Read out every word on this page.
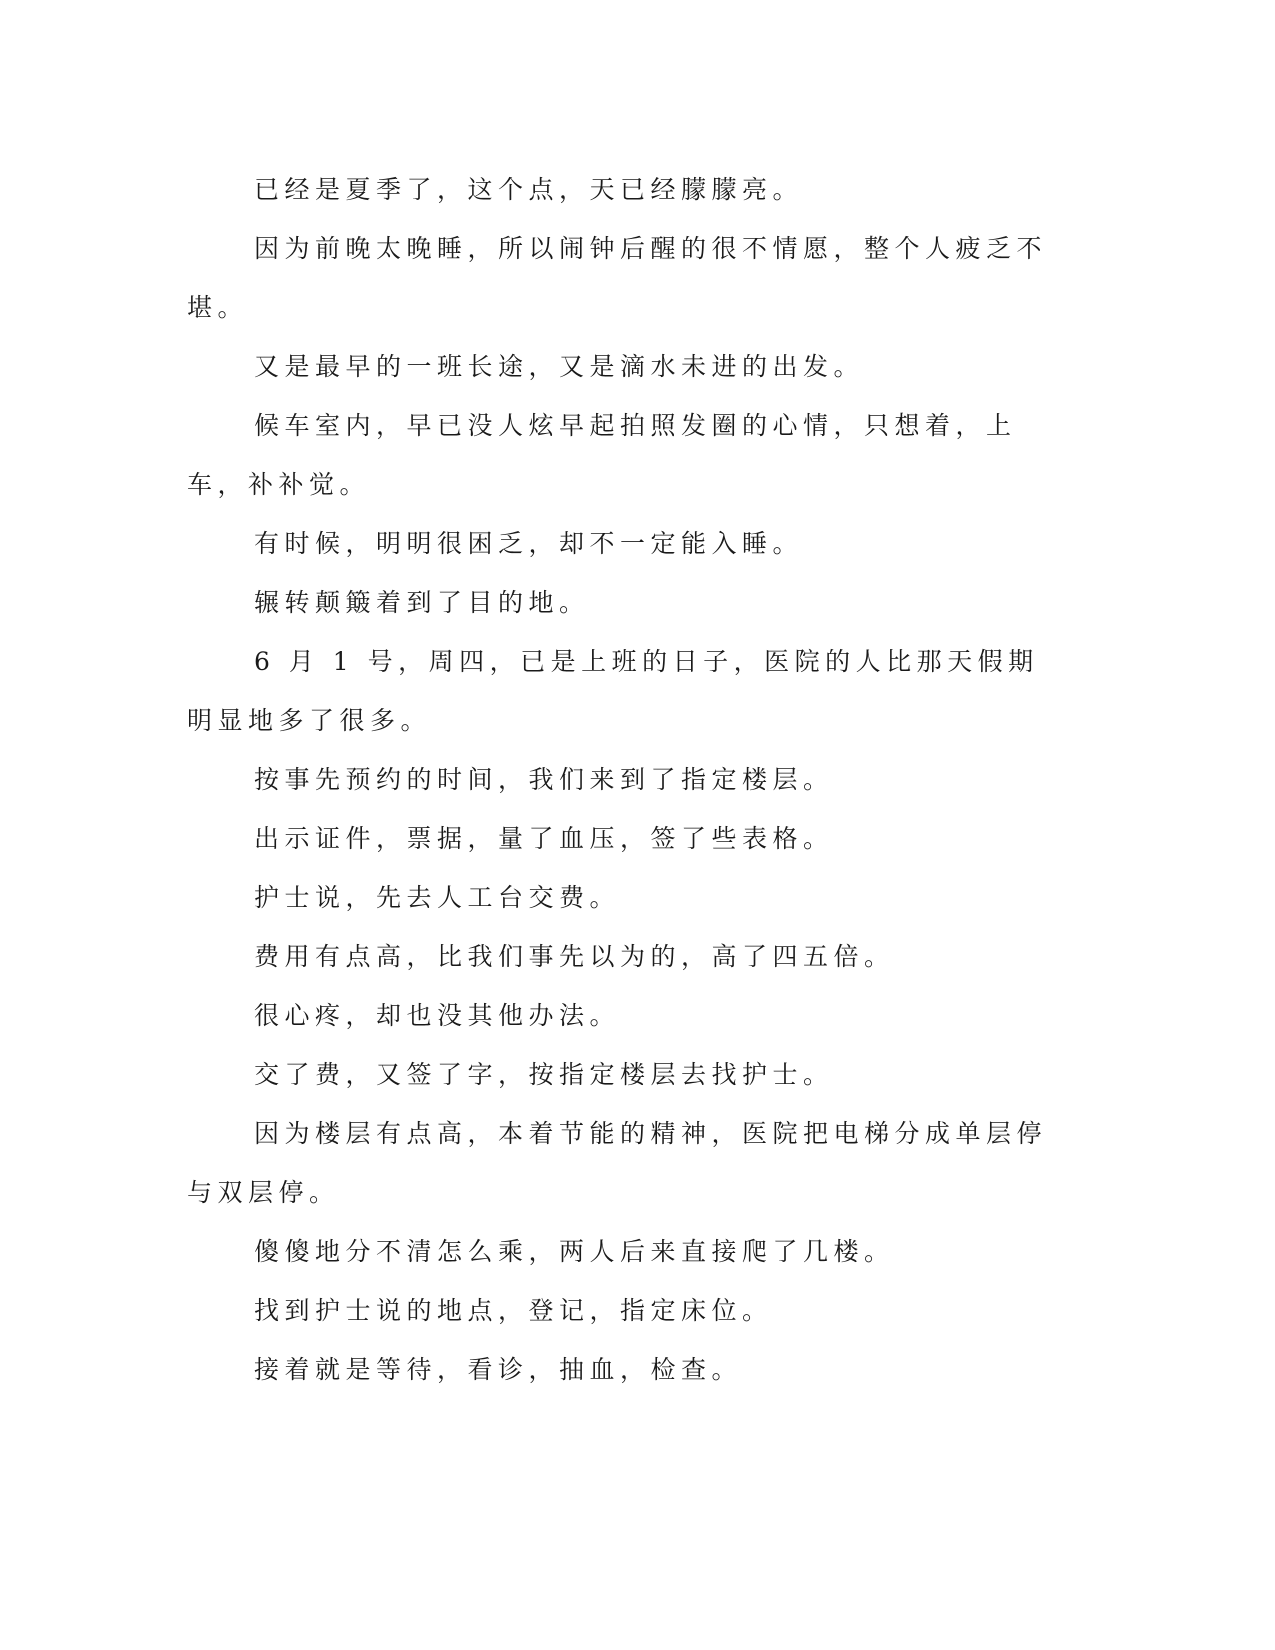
已经是夏季了，这个点，天已经朦朦亮。

因为前晚太晚睡，所以闹钟后醒的很不情愿，整个人疲乏不堪。

又是最早的一班长途，又是滴水未进的出发。

候车室内，早已没人炫早起拍照发圈的心情，只想着，上车，补补觉。

有时候，明明很困乏，却不一定能入睡。

辗转颠簸着到了目的地。

6 月 1 号，周四，已是上班的日子，医院的人比那天假期明显地多了很多。

按事先预约的时间，我们来到了指定楼层。

出示证件，票据，量了血压，签了些表格。

护士说，先去人工台交费。

费用有点高，比我们事先以为的，高了四五倍。

很心疼，却也没其他办法。

交了费，又签了字，按指定楼层去找护士。

因为楼层有点高，本着节能的精神，医院把电梯分成单层停与双层停。

傻傻地分不清怎么乘，两人后来直接爬了几楼。

找到护士说的地点，登记，指定床位。

接着就是等待，看诊，抽血，检查。
